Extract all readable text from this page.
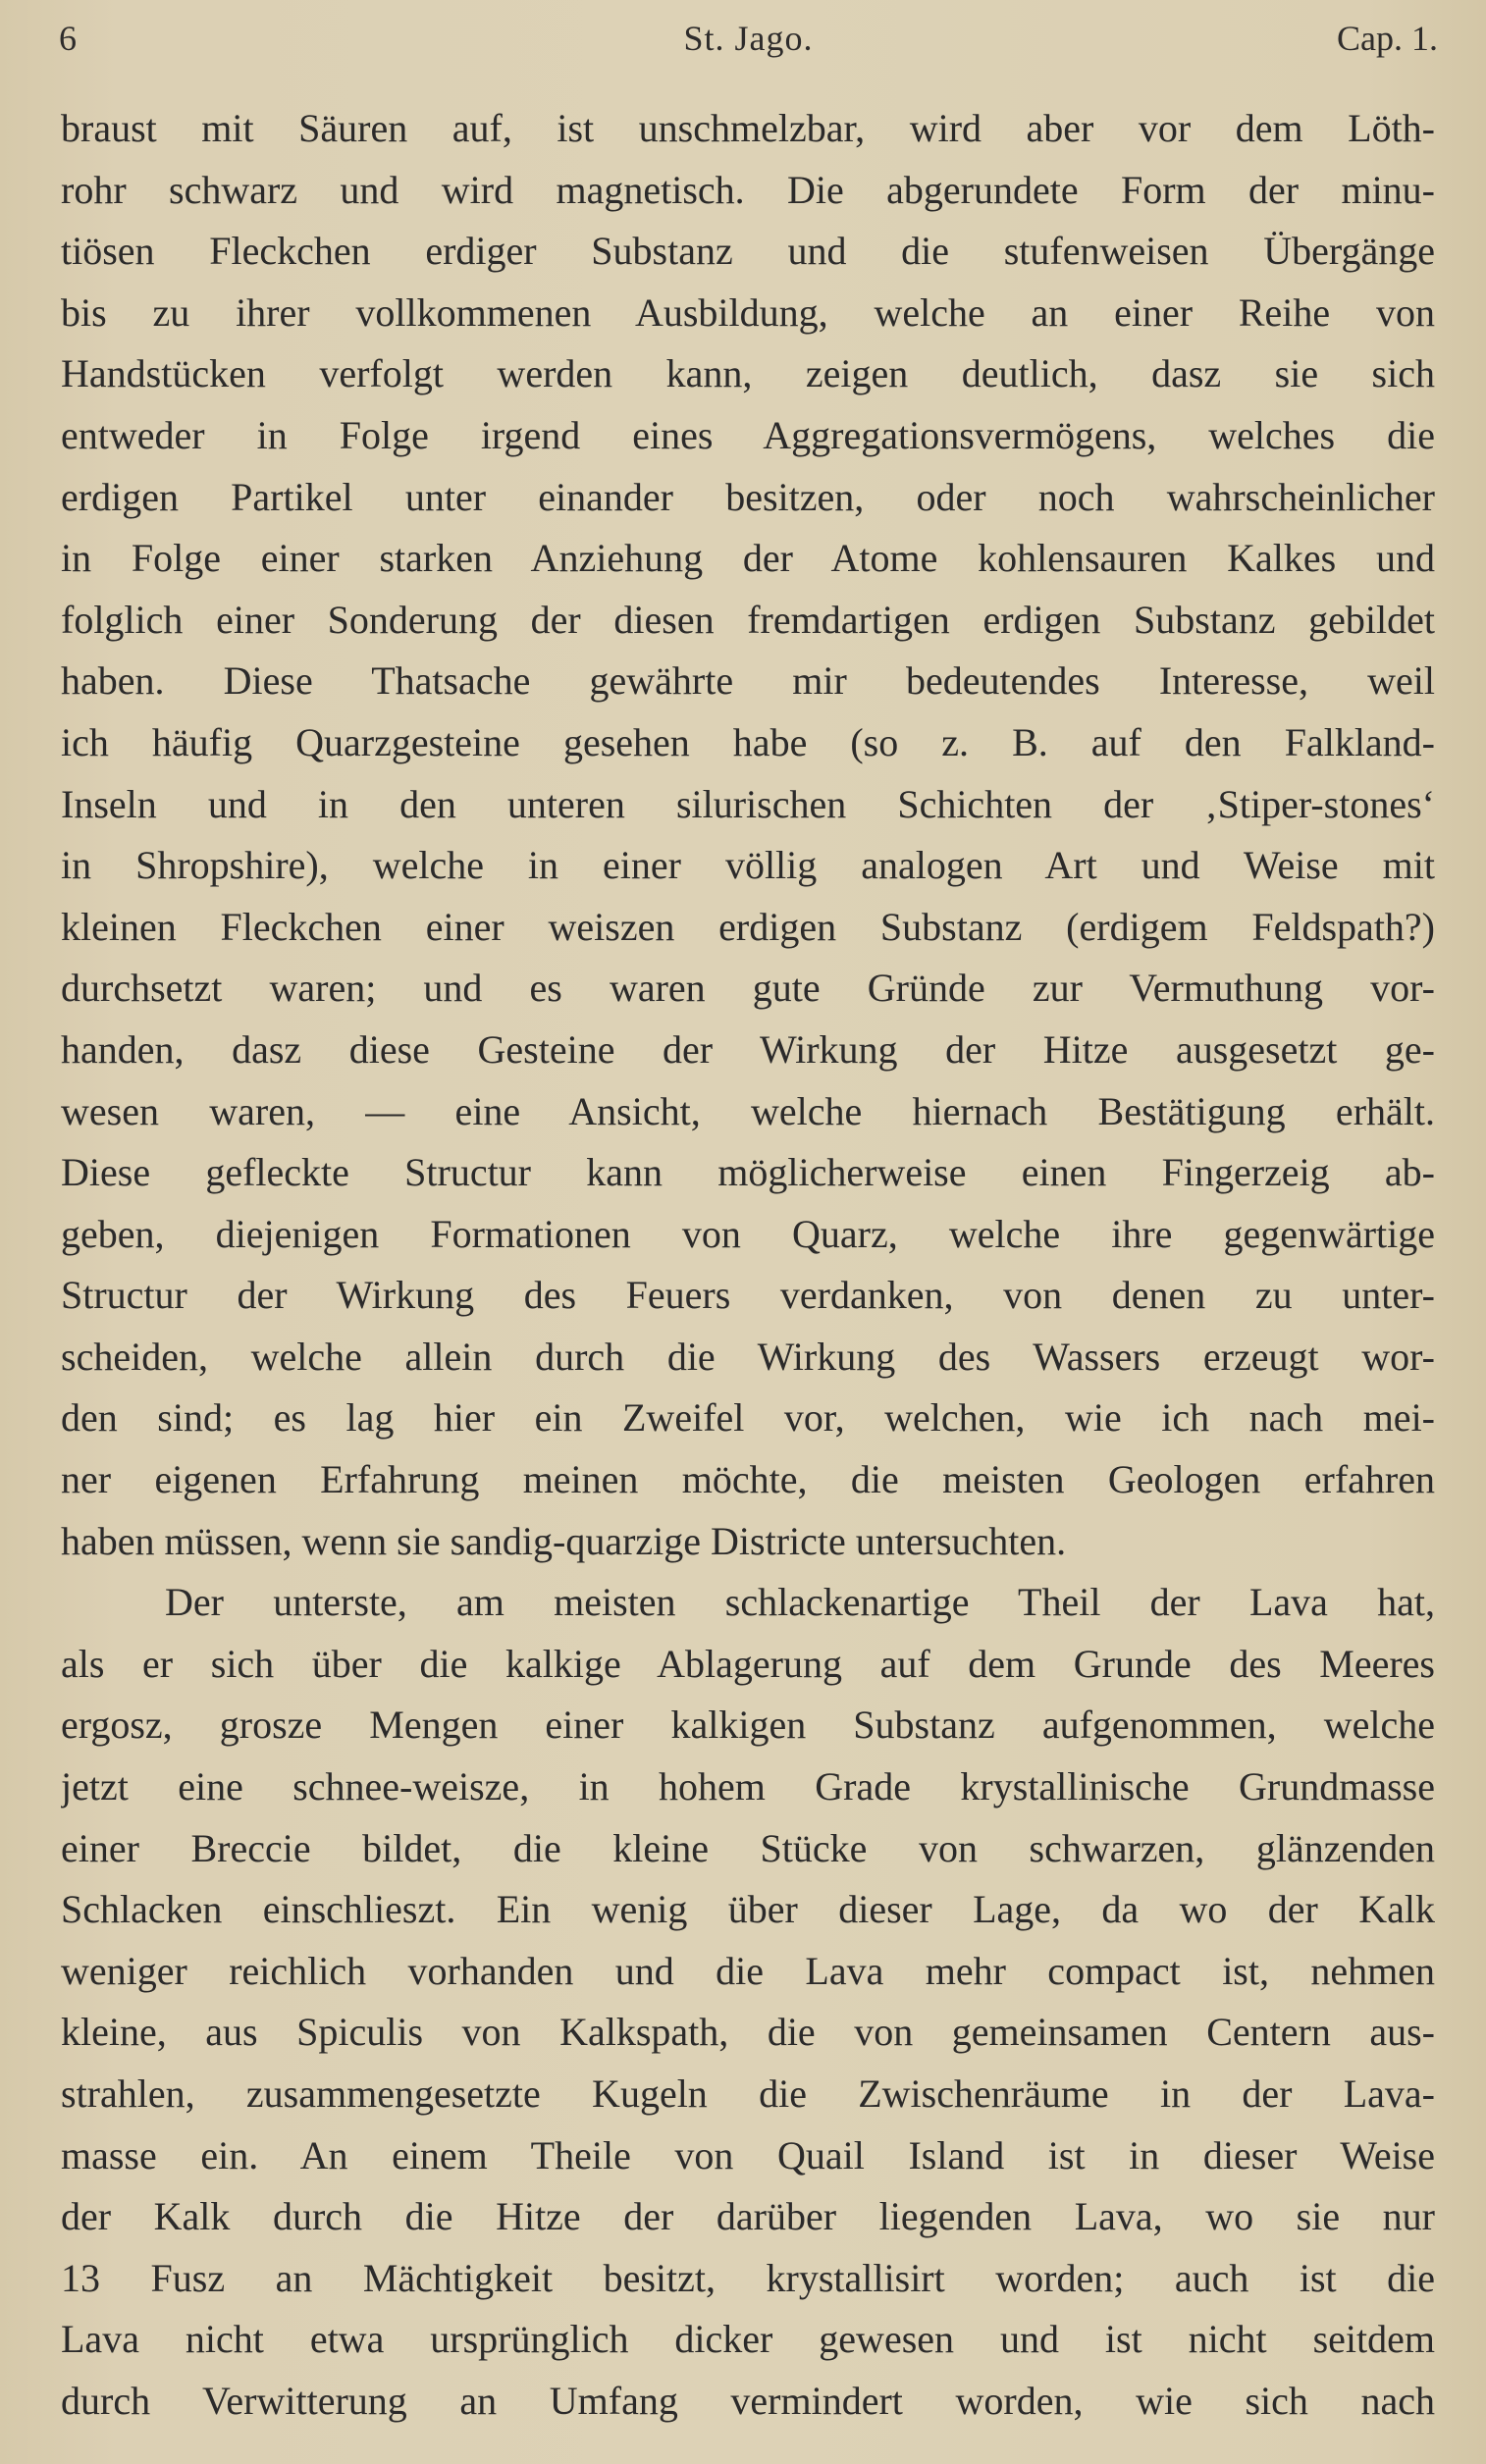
6	St. Jago.	Cap. 1.
braust mit Säuren auf, ist unschmelzbar, wird aber vor dem Löth-
rohr schwarz und wird magnetisch. Die abgerundete Form der minu-
tiösen Fleckchen erdiger Substanz und die stufenweisen Übergänge
bis zu ihrer vollkommenen Ausbildung, welche an einer Reihe von
Handstücken verfolgt werden kann, zeigen deutlich, dasz sie sich
entweder in Folge irgend eines Aggregationsvermögens, welches die
erdigen Partikel unter einander besitzen, oder noch wahrscheinlicher
in Folge einer starken Anziehung der Atome kohlensauren Kalkes und
folglich einer Sonderung der diesen fremdartigen erdigen Substanz gebildet
haben. Diese Thatsache gewährte mir bedeutendes Interesse, weil
ich häufig Quarzgesteine gesehen habe (so z. B. auf den Falkland-
Inseln und in den unteren silurischen Schichten der ‚Stiper-stones‘
in Shropshire), welche in einer völlig analogen Art und Weise mit
kleinen Fleckchen einer weiszen erdigen Substanz (erdigem Feldspath?)
durchsetzt waren; und es waren gute Gründe zur Vermuthung vor-
handen, dasz diese Gesteine der Wirkung der Hitze ausgesetzt ge-
wesen waren, — eine Ansicht, welche hiernach Bestätigung erhält.
Diese gefleckte Structur kann möglicherweise einen Fingerzeig ab-
geben, diejenigen Formationen von Quarz, welche ihre gegenwärtige
Structur der Wirkung des Feuers verdanken, von denen zu unter-
scheiden, welche allein durch die Wirkung des Wassers erzeugt wor-
den sind; es lag hier ein Zweifel vor, welchen, wie ich nach mei-
ner eigenen Erfahrung meinen möchte, die meisten Geologen erfahren
haben müssen, wenn sie sandig-quarzige Districte untersuchten.
Der unterste, am meisten schlackenartige Theil der Lava hat,
als er sich über die kalkige Ablagerung auf dem Grunde des Meeres
ergosz, grosze Mengen einer kalkigen Substanz aufgenommen, welche
jetzt eine schnee-weisze, in hohem Grade krystallinische Grundmasse
einer Breccie bildet, die kleine Stücke von schwarzen, glänzenden
Schlacken einschlieszt. Ein wenig über dieser Lage, da wo der Kalk
weniger reichlich vorhanden und die Lava mehr compact ist, nehmen
kleine, aus Spiculis von Kalkspath, die von gemeinsamen Centern aus-
strahlen, zusammengesetzte Kugeln die Zwischenräume in der Lava-
masse ein. An einem Theile von Quail Island ist in dieser Weise
der Kalk durch die Hitze der darüber liegenden Lava, wo sie nur
13 Fusz an Mächtigkeit besitzt, krystallisirt worden; auch ist die
Lava nicht etwa ursprünglich dicker gewesen und ist nicht seitdem
durch Verwitterung an Umfang vermindert worden, wie sich nach
